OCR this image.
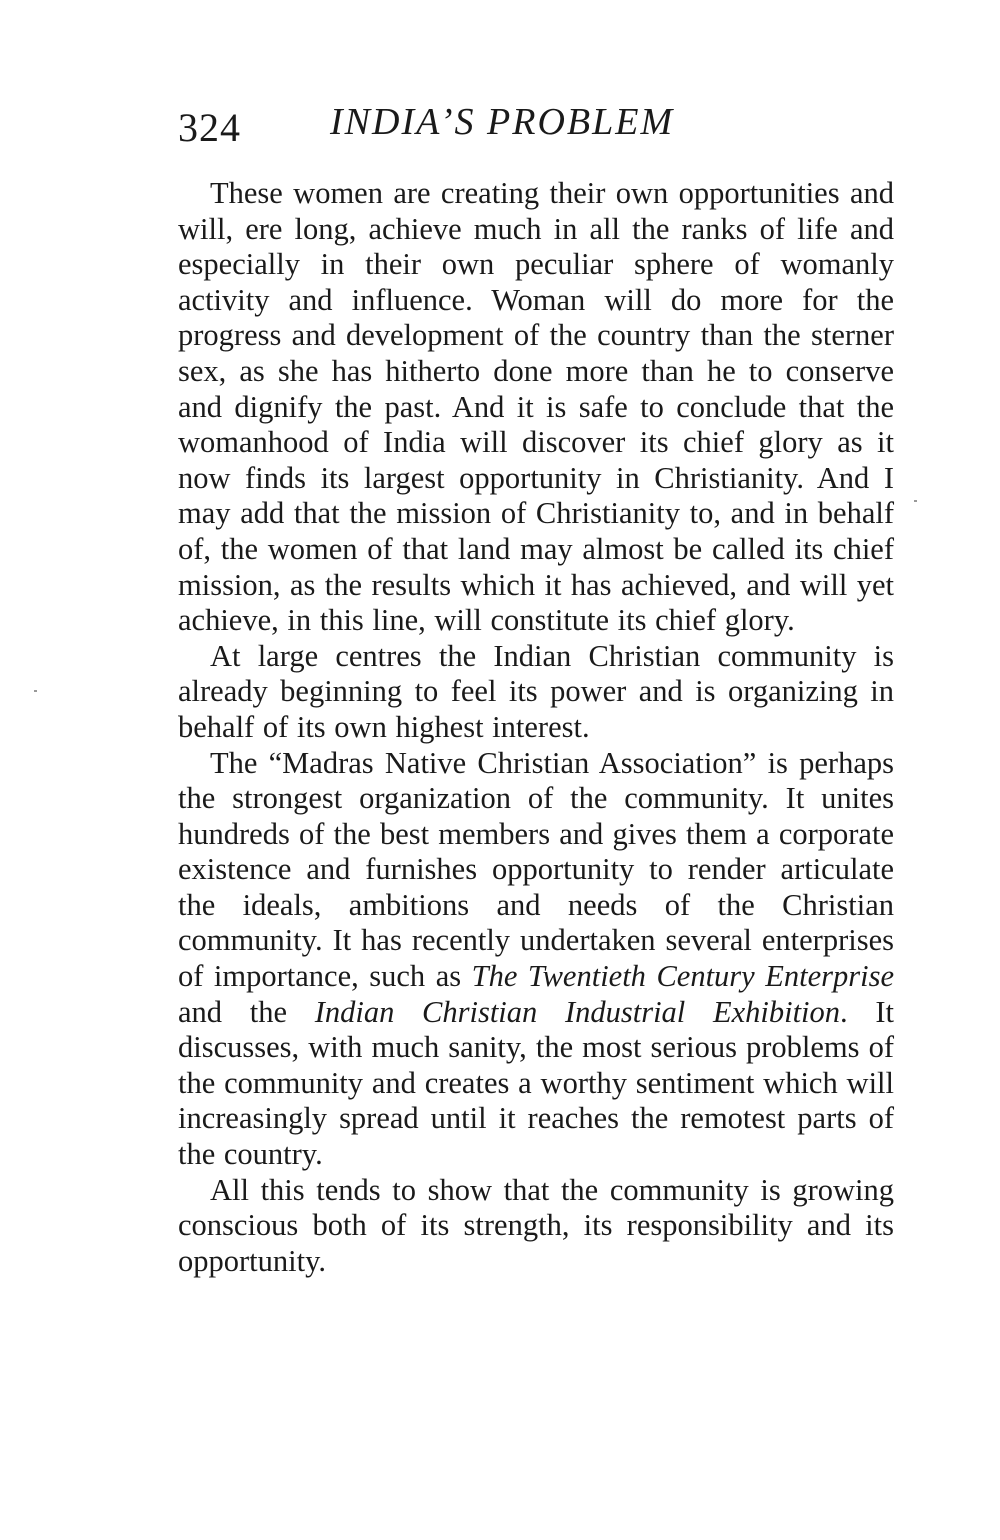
324 INDIA’S PROBLEM

These women are creating their own opportunities and will, ere long, achieve much in all the ranks of life and especially in their own peculiar sphere of womanly activity and influence. Woman will do more for the progress and development of the country than the sterner sex, as she has hitherto done more than he to conserve and dignify the past. And it is safe to conclude that the womanhood of India will discover its chief glory as it now finds its largest opportunity in Christianity. And I may add that the mission of Christianity to, and in behalf of, the women of that land may almost be called its chief mission, as the results which it has achieved, and will yet achieve, in this line, will constitute its chief glory.

At large centres the Indian Christian community is already beginning to feel its power and is organizing in behalf of its own highest interest.

The “Madras Native Christian Association” is perhaps the strongest organization of the community. It unites hundreds of the best members and gives them a corporate existence and furnishes opportunity to render articulate the ideals, ambitions and needs of the Christian community. It has recently undertaken several enterprises of importance, such as The Twentieth Century Enterprise and the Indian Christian Industrial Exhibition. It discusses, with much sanity, the most serious problems of the community and creates a worthy sentiment which will increasingly spread until it reaches the remotest parts of the country.

All this tends to show that the community is growing conscious both of its strength, its responsibility and its opportunity.
